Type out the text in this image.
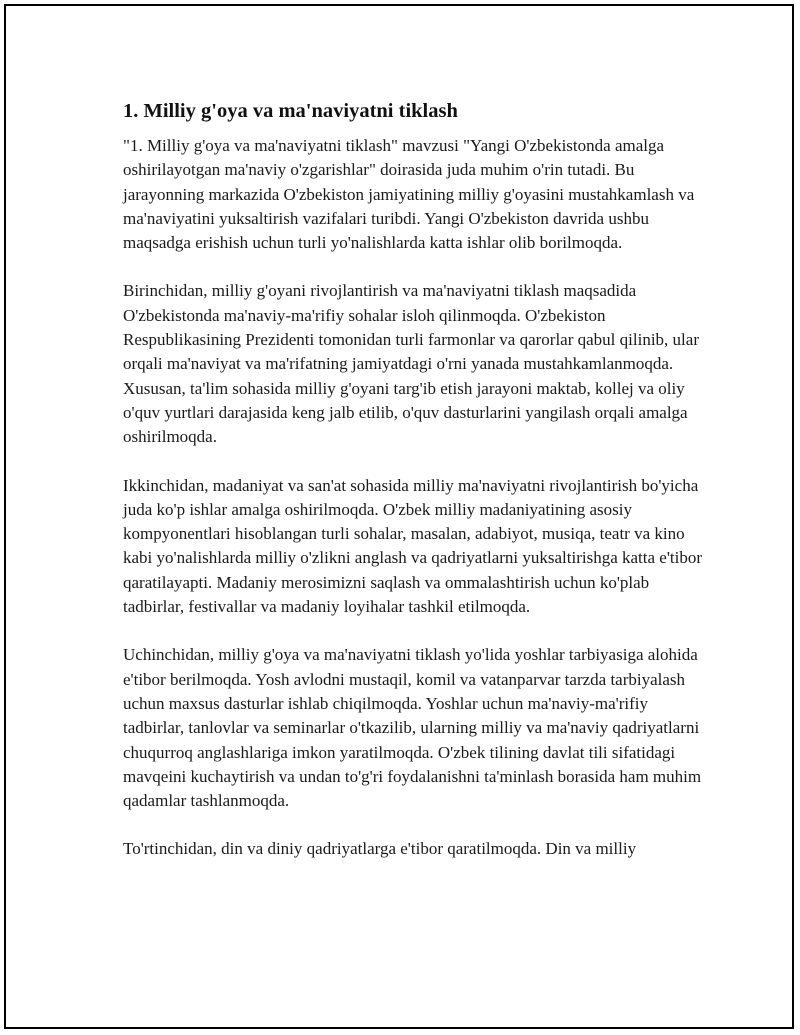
1. Milliy g'oya va ma'naviyatni tiklash

"1. Milliy g'oya va ma'naviyatni tiklash" mavzusi "Yangi O'zbekistonda amalga oshirilayotgan ma'naviy o'zgarishlar" doirasida juda muhim o'rin tutadi. Bu jarayonning markazida O'zbekiston jamiyatining milliy g'oyasini mustahkamlash va ma'naviyatini yuksaltirish vazifalari turibdi. Yangi O'zbekiston davrida ushbu maqsadga erishish uchun turli yo'nalishlarda katta ishlar olib borilmoqda.

Birinchidan, milliy g'oyani rivojlantirish va ma'naviyatni tiklash maqsadida O'zbekistonda ma'naviy-ma'rifiy sohalar isloh qilinmoqda. O'zbekiston Respublikasining Prezidenti tomonidan turli farmonlar va qarorlar qabul qilinib, ular orqali ma'naviyat va ma'rifatning jamiyatdagi o'rni yanada mustahkamlanmoqda. Xususan, ta'lim sohasida milliy g'oyani targ'ib etish jarayoni maktab, kollej va oliy o'quv yurtlari darajasida keng jalb etilib, o'quv dasturlarini yangilash orqali amalga oshirilmoqda.

Ikkinchidan, madaniyat va san'at sohasida milliy ma'naviyatni rivojlantirish bo'yicha juda ko'p ishlar amalga oshirilmoqda. O'zbek milliy madaniyatining asosiy kompyonentlari hisoblangan turli sohalar, masalan, adabiyot, musiqa, teatr va kino kabi yo'nalishlarda milliy o'zlikni anglash va qadriyatlarni yuksaltirishga katta e'tibor qaratilayapti. Madaniy merosimizni saqlash va ommalashtirish uchun ko'plab tadbirlar, festivallar va madaniy loyihalar tashkil etilmoqda.

Uchinchidan, milliy g'oya va ma'naviyatni tiklash yo'lida yoshlar tarbiyasiga alohida e'tibor berilmoqda. Yosh avlodni mustaqil, komil va vatanparvar tarzda tarbiyalash uchun maxsus dasturlar ishlab chiqilmoqda. Yoshlar uchun ma'naviy-ma'rifiy tadbirlar, tanlovlar va seminarlar o'tkazilib, ularning milliy va ma'naviy qadriyatlarni chuqurroq anglashlariga imkon yaratilmoqda. O'zbek tilining davlat tili sifatidagi mavqeini kuchaytirish va undan to'g'ri foydalanishni ta'minlash borasida ham muhim qadamlar tashlanmoqda.

To'rtinchidan, din va diniy qadriyatlarga e'tibor qaratilmoqda. Din va milliy
